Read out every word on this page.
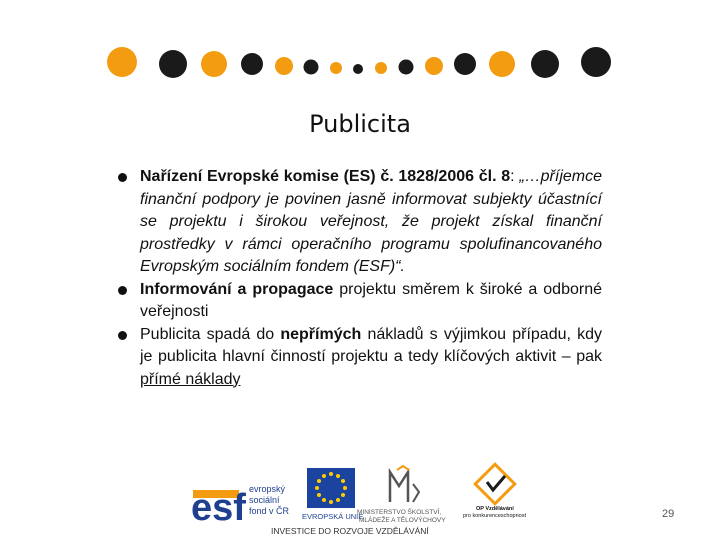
Publicita
Nařízení Evropské komise (ES) č. 1828/2006 čl. 8: „…příjemce finanční podpory je povinen jasně informovat subjekty účastnící se projektu i širokou veřejnost, že projekt získal finanční prostředky v rámci operačního programu spolufinancovaného Evropským sociálním fondem (ESF)“.
Informování a propagace projektu směrem k široké a odborné veřejnosti
Publicita spadá do nepřímých nákladů s výjimkou případu, kdy je publicita hlavní činností projektu a tedy klíčových aktivit – pak přímé náklady
esf evropský
sociální
fond v ČR
EVROPSKÁ UNIE
MINISTERSTVO ŠKOLSTVÍ,
MLÁDEŽE A TĚLOVÝCHOVY
OP Vzdělávání
pro konkurenceschopnost
INVESTICE DO ROZVOJE VZDĚLÁVÁNÍ
29
